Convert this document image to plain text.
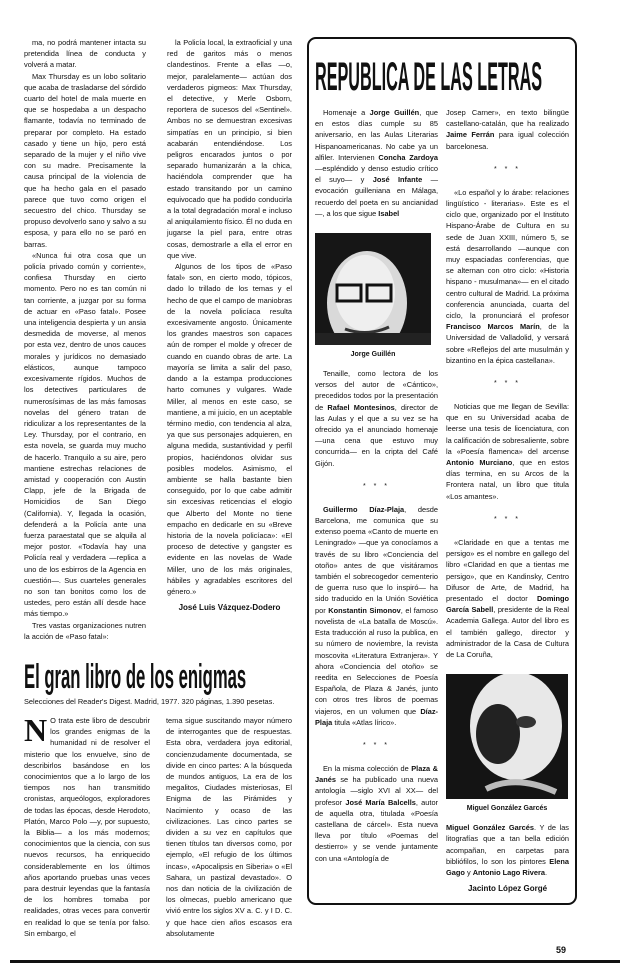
ma, no podrá mantener intacta su pretendida línea de conducta y volverá a matar.

Max Thursday es un lobo solitario que acaba de trasladarse del sórdido cuarto del hotel de mala muerte en que se hospedaba a un despacho flamante, todavía no terminado de preparar por completo. Ha estado casado y tiene un hijo, pero está separado de la mujer y el niño vive con su madre. Precisamente la causa principal de la violencia de que ha hecho gala en el pasado parece que tuvo como origen el secuestro del chico. Thursday se propuso devolverlo sano y salvo a su esposa, y para ello no se paró en barras.

«Nunca fui otra cosa que un policía privado común y corriente», confiesa Thursday en cierto momento. Pero no es tan común ni tan corriente, a juzgar por su forma de actuar en «Paso fatal». Posee una inteligencia despierta y un ansia desmedida de moverse, al menos por esta vez, dentro de unos cauces morales y jurídicos no demasiado elásticos, aunque tampoco excesivamente rígidos. Muchos de los detectives particulares de numerosísimas de las más famosas novelas del género tratan de ridiculizar a los representantes de la Ley. Thursday, por el contrario, en esta novela, se guarda muy mucho de hacerlo. Tranquilo a su aire, pero mantiene estrechas relaciones de amistad y cooperación con Austin Clapp, jefe de la Brigada de Homicidios de San Diego (California). Y, llegada la ocasión, defenderá a la Policía ante una fuerza paraestatal que se alquila al mejor postor. «Todavía hay una Policía real y verdadera —replica a uno de los esbirros de la Agencia en cuestión—. Sus cuarteles generales no son tan bonitos como los de ustedes, pero están allí desde hace más tiempo.»

Tres vastas organizaciones nutren la acción de «Paso fatal»:

la Policía local, la extraoficial y una red de garitos más o menos clandestinos. Frente a ellas —o, mejor, paralelamente— actúan dos verdaderos pigmeos: Max Thursday, el detective, y Merle Osborn, reportera de sucesos del «Sentinel». Ambos no se demuestran excesivas simpatías en un principio, si bien acabarán entendiéndose. Los peligros encarados juntos o por separado humanizarán a la chica, haciéndola comprender que ha estado transitando por un camino equivocado que ha podido conducirla a la total degradación moral e incluso al aniquilamiento físico. Él no duda en jugarse la piel para, entre otras cosas, demostrarle a ella el error en que vive.

Algunos de los tipos de «Paso fatal» son, en cierto modo, tópicos, dado lo trillado de los temas y el hecho de que el campo de maniobras de la novela policíaca resulta excesivamente angosto. Únicamente los grandes maestros son capaces aún de romper el molde y ofrecer de cuando en cuando obras de arte. La mayoría se limita a salir del paso, dando a la estampa producciones harto comunes y vulgares. Wade Miller, al menos en este caso, se mantiene, a mi juicio, en un aceptable término medio, con tendencia al alza, ya que sus personajes adquieren, en alguna medida, sustantividad y perfil propios, haciéndonos olvidar sus posibles modelos. Asimismo, el ambiente se halla bastante bien conseguido, por lo que cabe admitir sin excesivas reticencias el elogio que Alberto del Monte no tiene empacho en dedicarle en su «Breve historia de la novela policíaca»: «El proceso de detective y gangster es evidente en las novelas de Wade Miller, uno de los más originales, hábiles y agradables escritores del género.»

José Luis Vázquez-Dodero
El gran libro de los enigmas
Selecciones del Reader's Digest. Madrid, 1977. 320 páginas, 1.390 pesetas.
N O trata este libro de descubrir los grandes enigmas de la humanidad ni de resolver el misterio que los envuelve, sino de describirlos basándose en los conocimientos que a lo largo de los tiempos nos han transmitido cronistas, arqueólogos, exploradores de todas las épocas, desde Herodoto, Platón, Marco Polo —y, por supuesto, la Biblia— a los más modernos; conocimientos que la ciencia, con sus nuevos recursos, ha enriquecido considerablemente en los últimos años aportando pruebas unas veces para destruir leyendas que la fantasía de los hombres tomaba por realidades, otras veces para convertir en realidad lo que se tenía por falso. Sin embargo, el

tema sigue suscitando mayor número de interrogantes que de respuestas. Esta obra, verdadera joya editorial, concienzudamente documentada, se divide en cinco partes: A la búsqueda de mundos antiguos, La era de los megalitos, Ciudades misteriosas, El Enigma de las Pirámides y Nacimiento y ocaso de las civilizaciones. Las cinco partes se dividen a su vez en capítulos que tienen títulos tan diversos como, por ejemplo, «El refugio de los últimos incas», «Apocalipsis en Siberia» o «El Sahara, un pastizal devastado». O nos dan noticia de la civilización de los olmecas, pueblo americano que vivió entre los siglos XV a. C. y I D. C. y que hace cien años escasos era absolutamente

REPUBLICA DE LAS LETRAS

Homenaje a Jorge Guillén, que en estos días cumple su 85 aniversario, en las Aulas Literarias Hispanoamericanas. No cabe ya un alfiler. Intervienen Concha Zardoya —espléndido y denso estudio crítico el suyo— y José Infante —evocación guilleniana en Málaga, recuerdo del poeta en su ancianidad—, a los que sigue Isabel

Jorge Guillén

Tenaille, como lectora de los versos del autor de «Cántico», precedidos todos por la presentación de Rafael Montesinos, director de las Aulas y el que a su vez se ha ofrecido ya el anunciado homenaje —una cena que estuvo muy concurrida— en la cripta del Café Gijón.

* * *

Guillermo Díaz-Plaja, desde Barcelona, me comunica que su extenso poema «Canto de muerte en Leningrado» —que ya conocíamos a través de su libro «Conciencia del otoño» antes de que visitáramos también el sobrecogedor cementerio de guerra ruso que lo inspiró— ha sido traducido en la Unión Soviética por Konstantin Simonov, el famoso novelista de «La batalla de Moscú». Esta traducción al ruso la publica, en su número de noviembre, la revista moscovita «Literatura Extranjera». Y ahora «Conciencia del otoño» se reedita en Selecciones de Poesía Española, de Plaza & Janés, junto con otros tres libros de poemas viajeros, en un volumen que Díaz-Plaja titula «Atlas lírico».

* * *

En la misma colección de Plaza & Janés se ha publicado una nueva antología —siglo XVI al XX— del profesor José María Balcells, autor de aquella otra, titulada «Poesía castellana de cárcel». Esta nueva lleva por título «Poemas del destierro» y se vende juntamente con una «Antología de

Josep Carner», en texto bilingüe castellano-catalán, que ha realizado Jaime Ferrán para igual colección barcelonesa.

* * *

«Lo español y lo árabe: relaciones lingüístico - literarias». Este es el ciclo que, organizado por el Instituto Hispano-Árabe de Cultura en su sede de Juan XXIII, número 5, se está desarrollando —aunque con muy espaciadas conferencias, que se alternan con otro ciclo: «Historia hispano - musulmana»— en el citado centro cultural de Madrid. La próxima conferencia anunciada, cuarta del ciclo, la pronunciará el profesor Francisco Marcos Marín, de la Universidad de Valladolid, y versará sobre «Reflejos del arte musulmán y bizantino en la épica castellana».

* * *

Noticias que me llegan de Sevilla: que en su Universidad acaba de leerse una tesis de licenciatura, con la calificación de sobresaliente, sobre la «Poesía flamenca» del arcense Antonio Murciano, que en estos días termina, en su Arcos de la Frontera natal, un libro que titula «Los amantes».

* * *

«Claridade en que a tentas me persigo» es el nombre en gallego del libro «Claridad en que a tientas me persigo», que en Kandinsky, Centro Difusor de Arte, de Madrid, ha presentado el doctor Domingo García Sabell, presidente de la Real Academia Gallega. Autor del libro es el también gallego, director y administrador de la Casa de Cultura de La Coruña,

Miguel González Garcés

Miguel González Garcés. Y de las litografías que a tan bella edición acompañan, en carpetas para bibliófilos, lo son los pintores Elena Gago y Antonio Lago Rivera.

Jacinto López Gorgé
59
